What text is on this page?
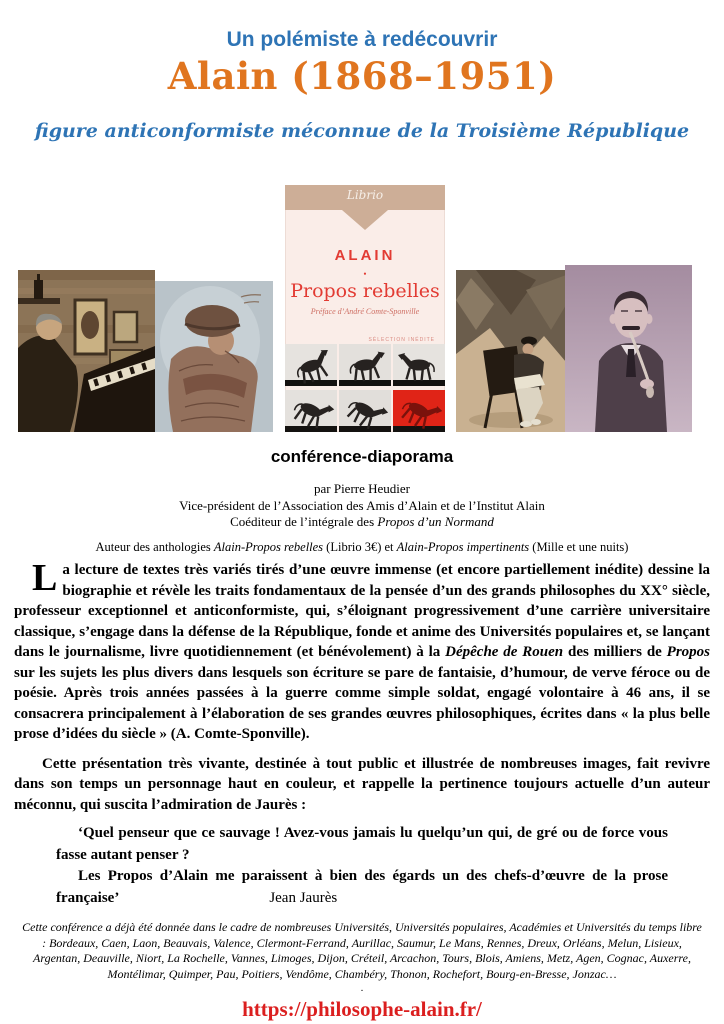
Un polémiste à redécouvrir
Alain (1868–1951)
figure anticonformiste méconnue de la Troisième République
Librio
ALAIN
•
Propos rebelles
Préface d’André Comte-Sponville
SÉLECTION INÉDITE
conférence-diaporama
par Pierre Heudier
Vice-président de l’Association des Amis d’Alain et de l’Institut Alain
Coéditeur de l’intégrale des Propos d’un Normand
Auteur des anthologies Alain-Propos rebelles (Librio 3€) et Alain-Propos impertinents (Mille et une nuits)

La lecture de textes très variés tirés d’une œuvre immense (et encore partiellement inédite) dessine la biographie et révèle les traits fondamentaux de la pensée d’un des grands philosophes du XX° siècle, professeur exceptionnel et anticonformiste, qui, s’éloignant progressivement d’une carrière universitaire classique, s’engage dans la défense de la République, fonde et anime des Universités populaires et, se lançant dans le journalisme, livre quotidiennement (et bénévolement) à la Dépêche de Rouen des milliers de Propos sur les sujets les plus divers dans lesquels son écriture se pare de fantaisie, d’humour, de verve féroce ou de poésie. Après trois années passées à la guerre comme simple soldat, engagé volontaire à 46 ans, il se consacrera principalement à l’élaboration de ses grandes œuvres philosophiques, écrites dans « la plus belle prose d’idées du siècle » (A. Comte-Sponville).

Cette présentation très vivante, destinée à tout public et illustrée de nombreuses images, fait revivre dans son temps un personnage haut en couleur, et rappelle la pertinence toujours actuelle d’un auteur méconnu, qui suscita l’admiration de Jaurès :

‘Quel penseur que ce sauvage ! Avez-vous jamais lu quelqu’un qui, de gré ou de force vous fasse autant penser ?

Les Propos d’Alain me paraissent à bien des égards un des chefs-d’œuvre de la prose française’	Jean Jaurès

Cette conférence a déjà été donnée dans le cadre de nombreuses Universités, Universités populaires, Académies et Universités du temps libre : Bordeaux, Caen, Laon, Beauvais, Valence, Clermont-Ferrand, Aurillac, Saumur, Le Mans, Rennes, Dreux, Orléans, Melun, Lisieux, Argentan, Deauville, Niort, La Rochelle, Vannes, Limoges, Dijon, Créteil, Arcachon, Tours, Blois, Amiens, Metz, Agen, Cognac, Auxerre, Montélimar, Quimper, Pau, Poitiers, Vendôme, Chambéry, Thonon, Rochefort, Bourg-en-Bresse, Jonzac…
.
https://philosophe-alain.fr/
